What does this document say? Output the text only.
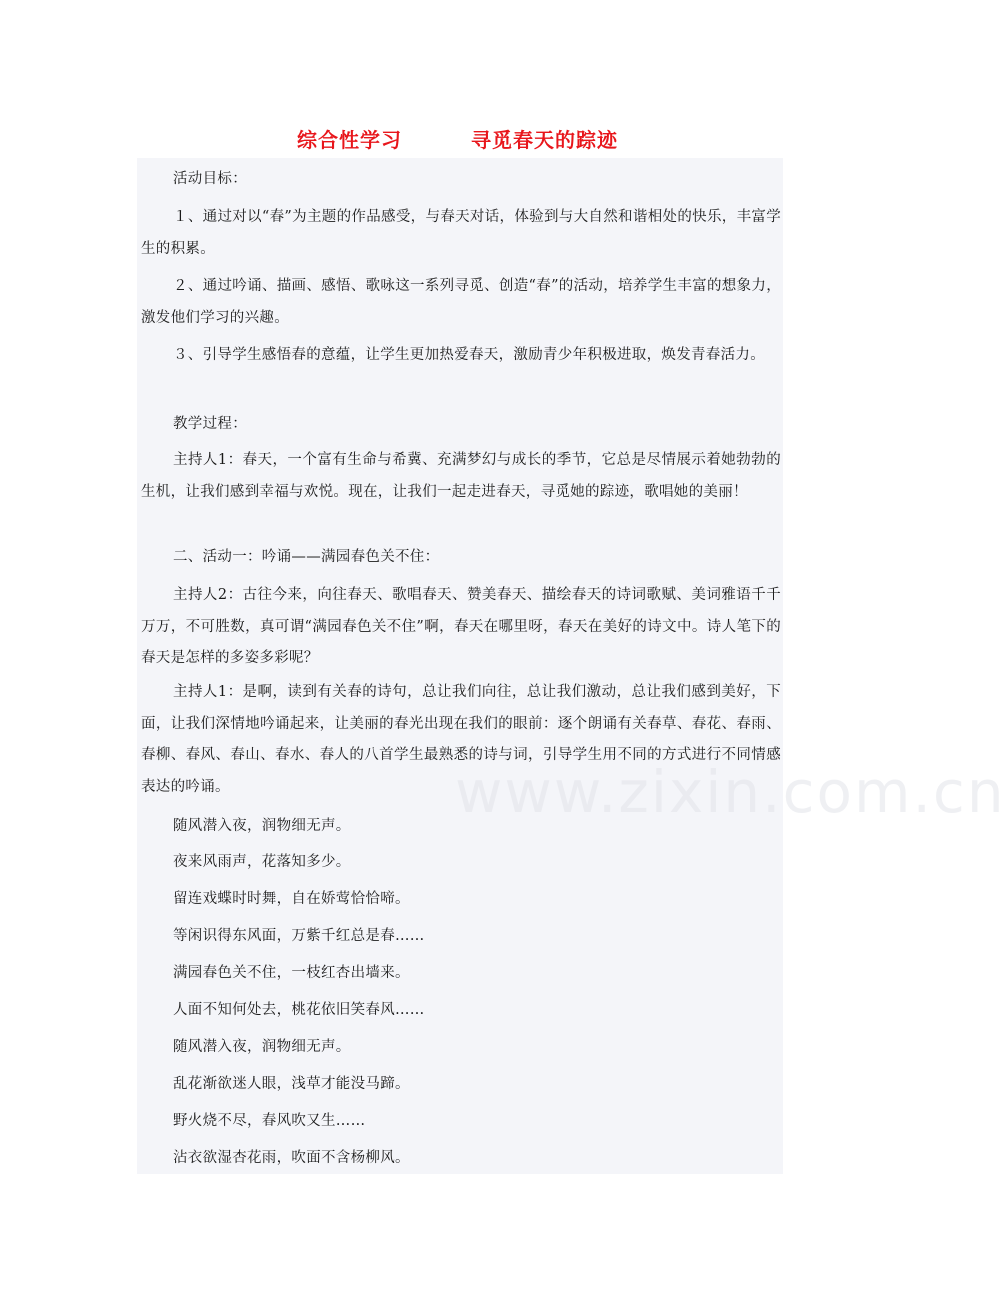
综合性学习	寻觅春天的踪迹
www.zixin.com.cn

活动目标：

１、通过对以“春”为主题的作品感受，与春天对话，体验到与大自然和谐相处的快乐，丰富学生的积累。

２、通过吟诵、描画、感悟、歌咏这一系列寻觅、创造“春”的活动，培养学生丰富的想象力，激发他们学习的兴趣。

３、引导学生感悟春的意蕴，让学生更加热爱春天，激励青少年积极进取，焕发青春活力。

教学过程：

主持人1：春天，一个富有生命与希冀、充满梦幻与成长的季节，它总是尽情展示着她勃勃的生机，让我们感到幸福与欢悦。现在，让我们一起走进春天，寻觅她的踪迹，歌唱她的美丽！

二、活动一：吟诵——满园春色关不住：

主持人2：古往今来，向往春天、歌唱春天、赞美春天、描绘春天的诗词歌赋、美词雅语千千万万，不可胜数，真可谓“满园春色关不住”啊，春天在哪里呀，春天在美好的诗文中。诗人笔下的春天是怎样的多姿多彩呢？

主持人1：是啊，读到有关春的诗句，总让我们向往，总让我们激动，总让我们感到美好，下面，让我们深情地吟诵起来，让美丽的春光出现在我们的眼前：逐个朗诵有关春草、春花、春雨、春柳、春风、春山、春水、春人的八首学生最熟悉的诗与词，引导学生用不同的方式进行不同情感表达的吟诵。

随风潜入夜，润物细无声。

夜来风雨声，花落知多少。

留连戏蝶时时舞，自在娇莺恰恰啼。

等闲识得东风面，万紫千红总是春……

满园春色关不住，一枝红杏出墙来。

人面不知何处去，桃花依旧笑春风……

随风潜入夜，润物细无声。

乱花渐欲迷人眼，浅草才能没马蹄。

野火烧不尽，春风吹又生……

沾衣欲湿杏花雨，吹面不含杨柳风。
